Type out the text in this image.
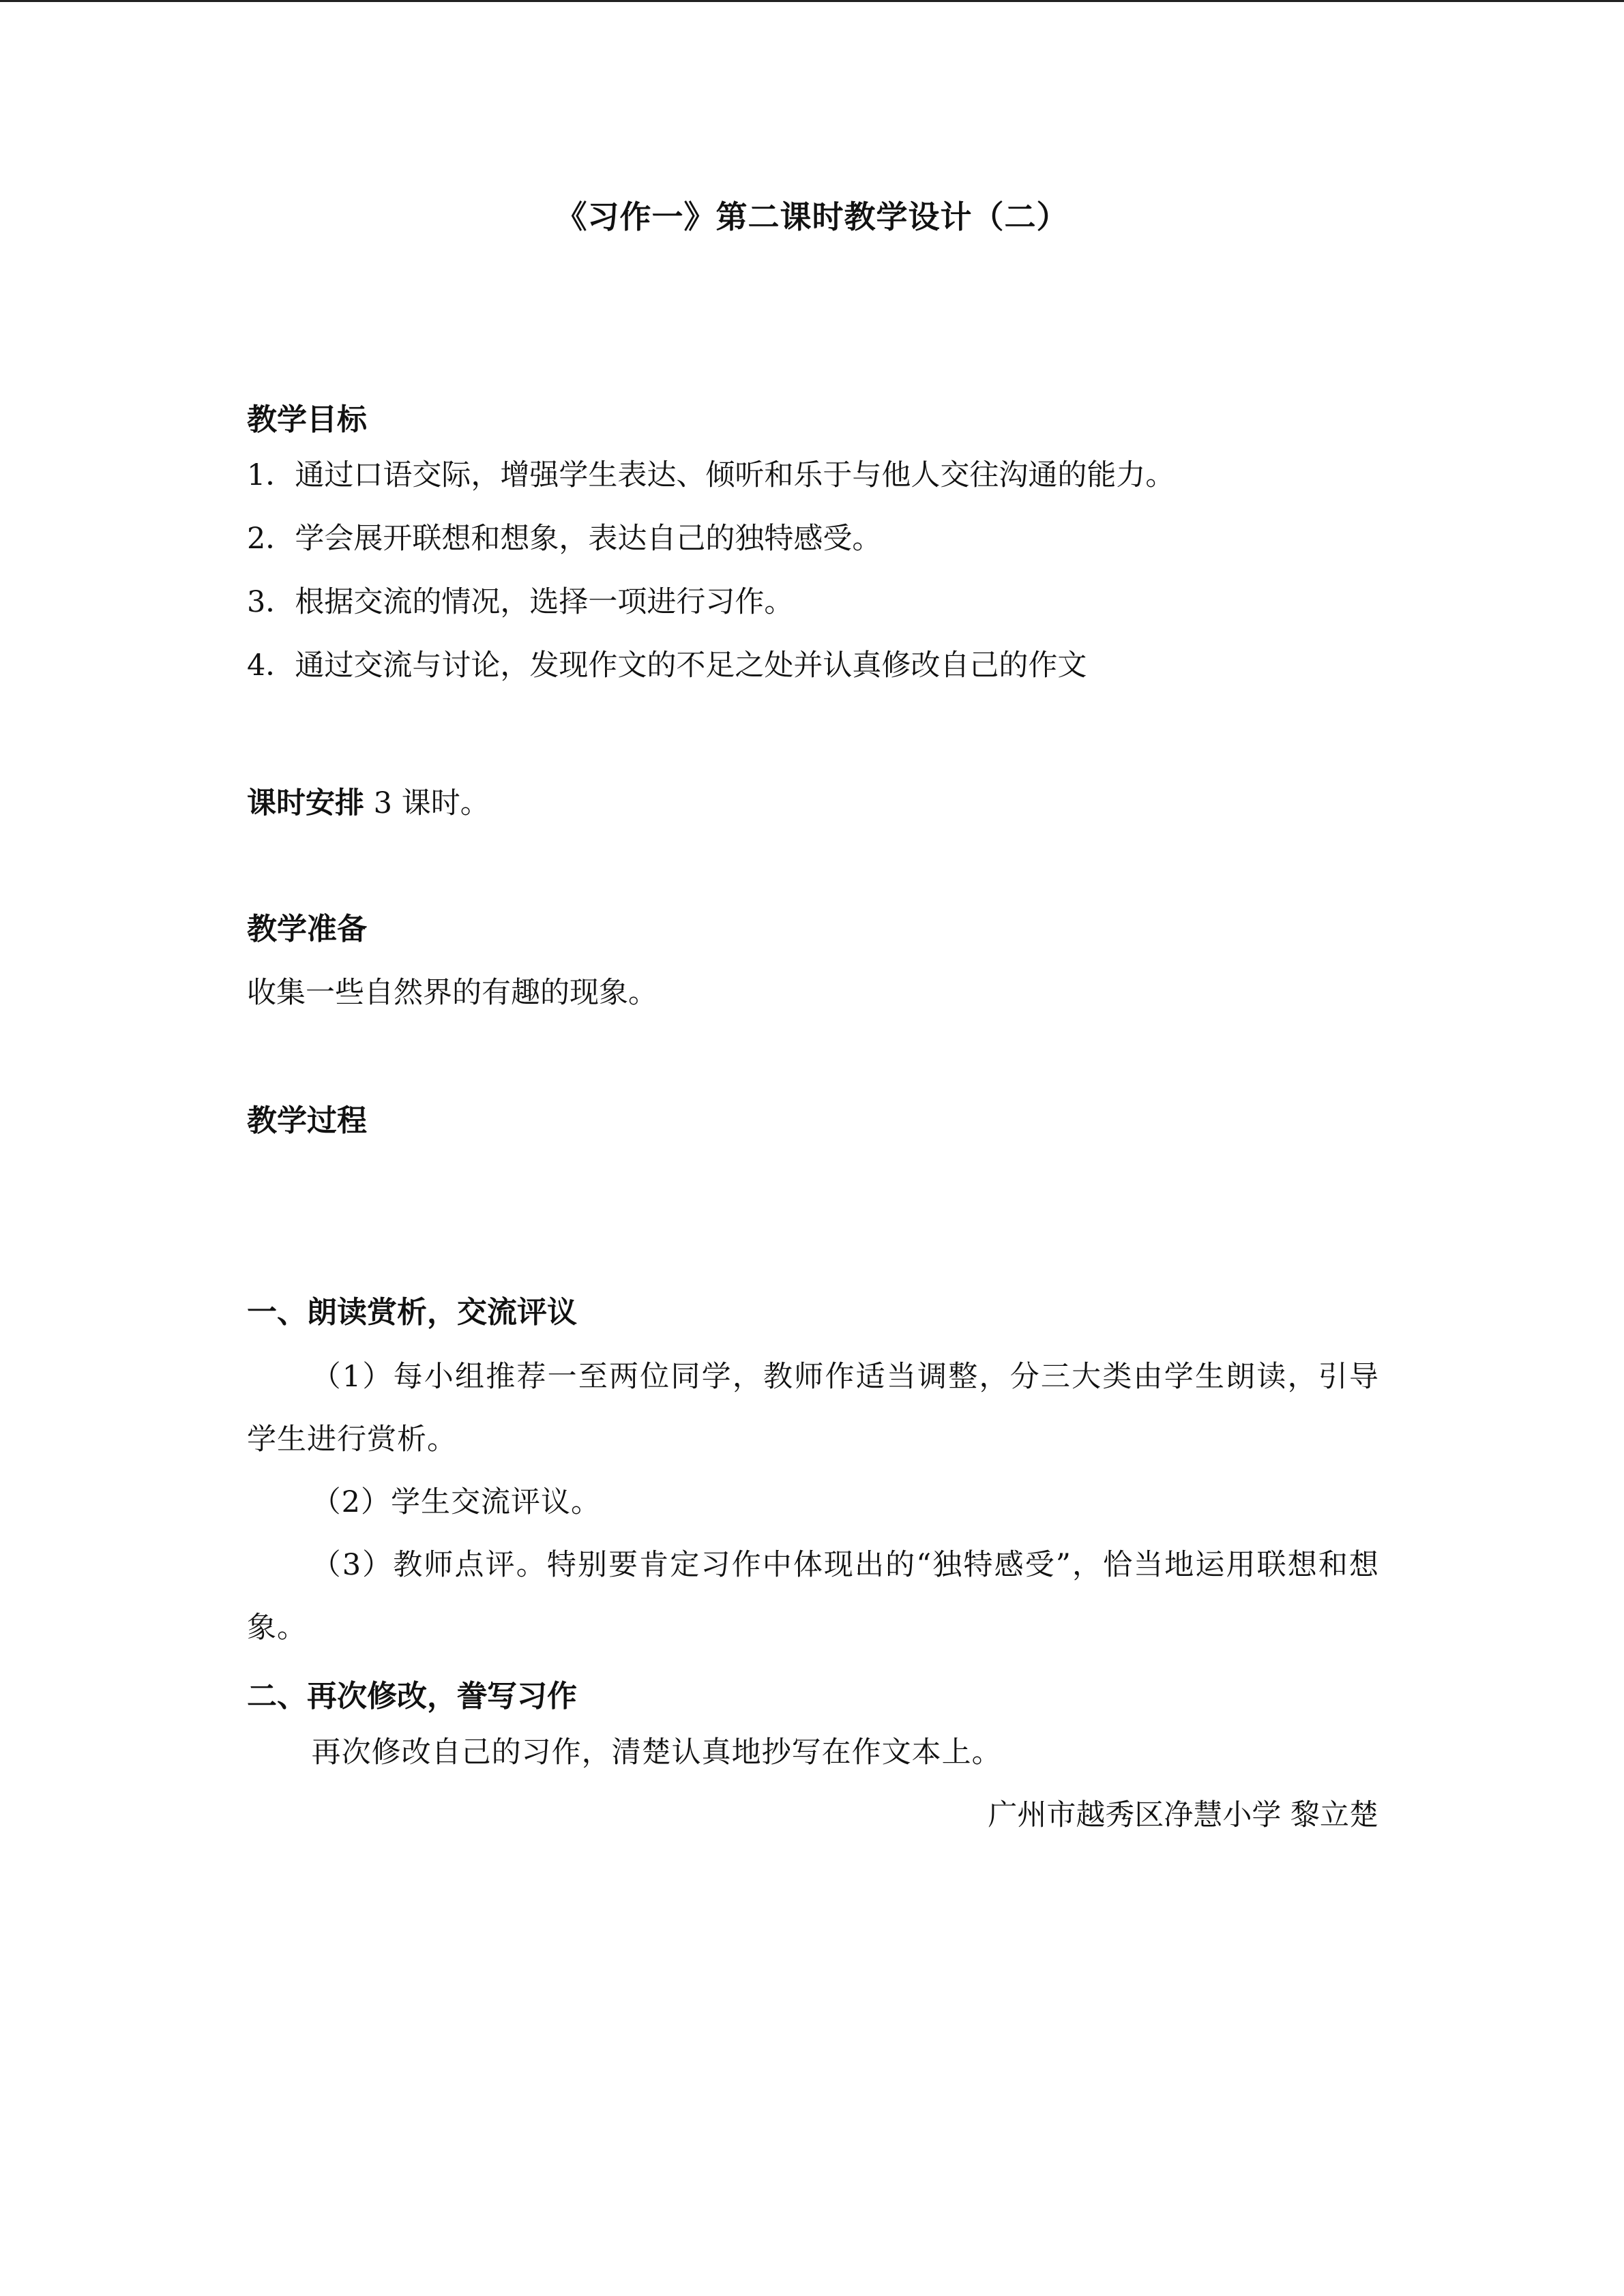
《习作一》第二课时教学设计（二）

教学目标

1．通过口语交际，增强学生表达、倾听和乐于与他人交往沟通的能力。

2．学会展开联想和想象，表达自己的独特感受。

3．根据交流的情况，选择一项进行习作。

4．通过交流与讨论，发现作文的不足之处并认真修改自己的作文

课时安排 3 课时。

教学准备

收集一些自然界的有趣的现象。

教学过程

一、朗读赏析，交流评议

（1）每小组推荐一至两位同学，教师作适当调整，分三大类由学生朗读，引导学生进行赏析。

（2）学生交流评议。

（3）教师点评。特别要肯定习作中体现出的“独特感受”，恰当地运用联想和想象。

二、再次修改，誊写习作

再次修改自己的习作，清楚认真地抄写在作文本上。

广州市越秀区净慧小学 黎立楚
